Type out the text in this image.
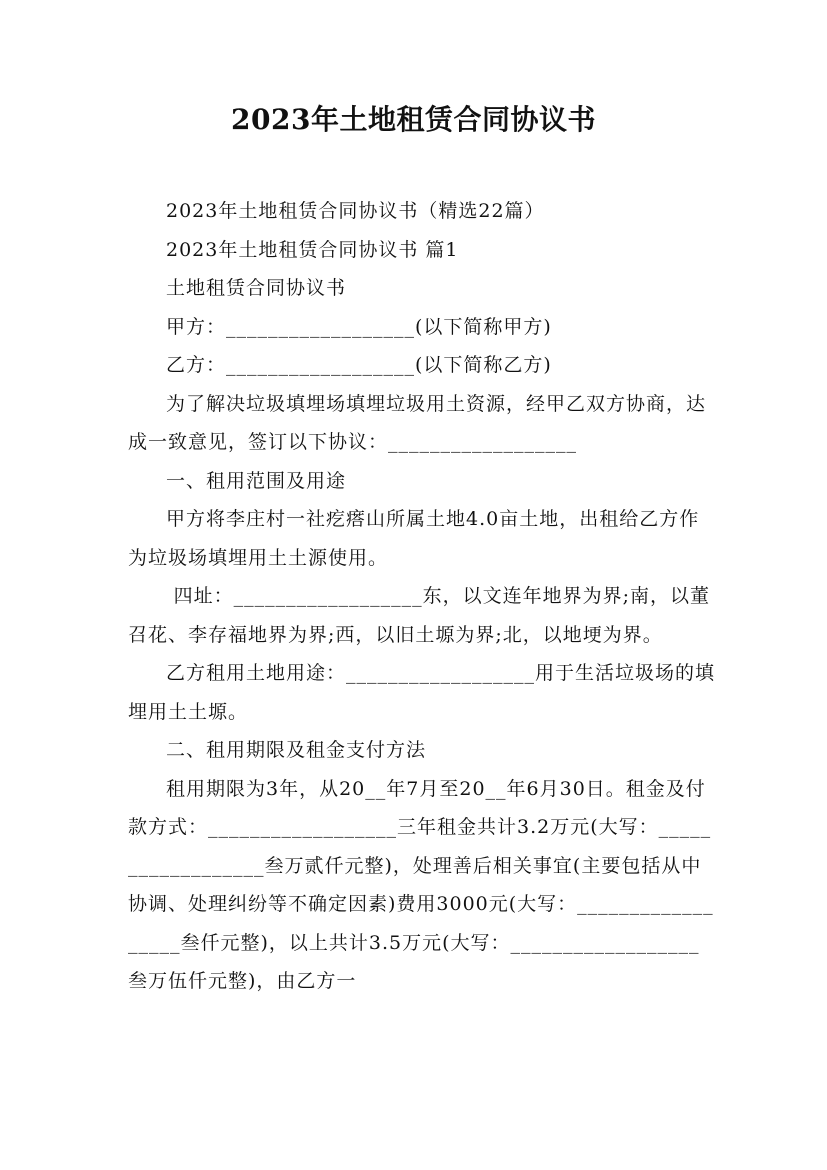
2023年土地租赁合同协议书

2023年土地租赁合同协议书（精选22篇）

2023年土地租赁合同协议书 篇1

土地租赁合同协议书

甲方：__________________(以下简称甲方)

乙方：__________________(以下简称乙方)

为了解决垃圾填埋场填埋垃圾用土资源，经甲乙双方协商，达成一致意见，签订以下协议：__________________

一、租用范围及用途

甲方将李庄村一社疙瘩山所属土地4.0亩土地，出租给乙方作为垃圾场填埋用土土源使用。

四址：__________________东，以文连年地界为界;南，以董召花、李存福地界为界;西，以旧土塬为界;北，以地埂为界。

乙方租用土地用途：__________________用于生活垃圾场的填埋用土土塬。

二、租用期限及租金支付方法

租用期限为3年，从20__年7月至20__年6月30日。租金及付款方式：__________________三年租金共计3.2万元(大写：__________________叁万贰仟元整)，处理善后相关事宜(主要包括从中协调、处理纠纷等不确定因素)费用3000元(大写：__________________叁仟元整)，以上共计3.5万元(大写：__________________叁万伍仟元整)，由乙方一
